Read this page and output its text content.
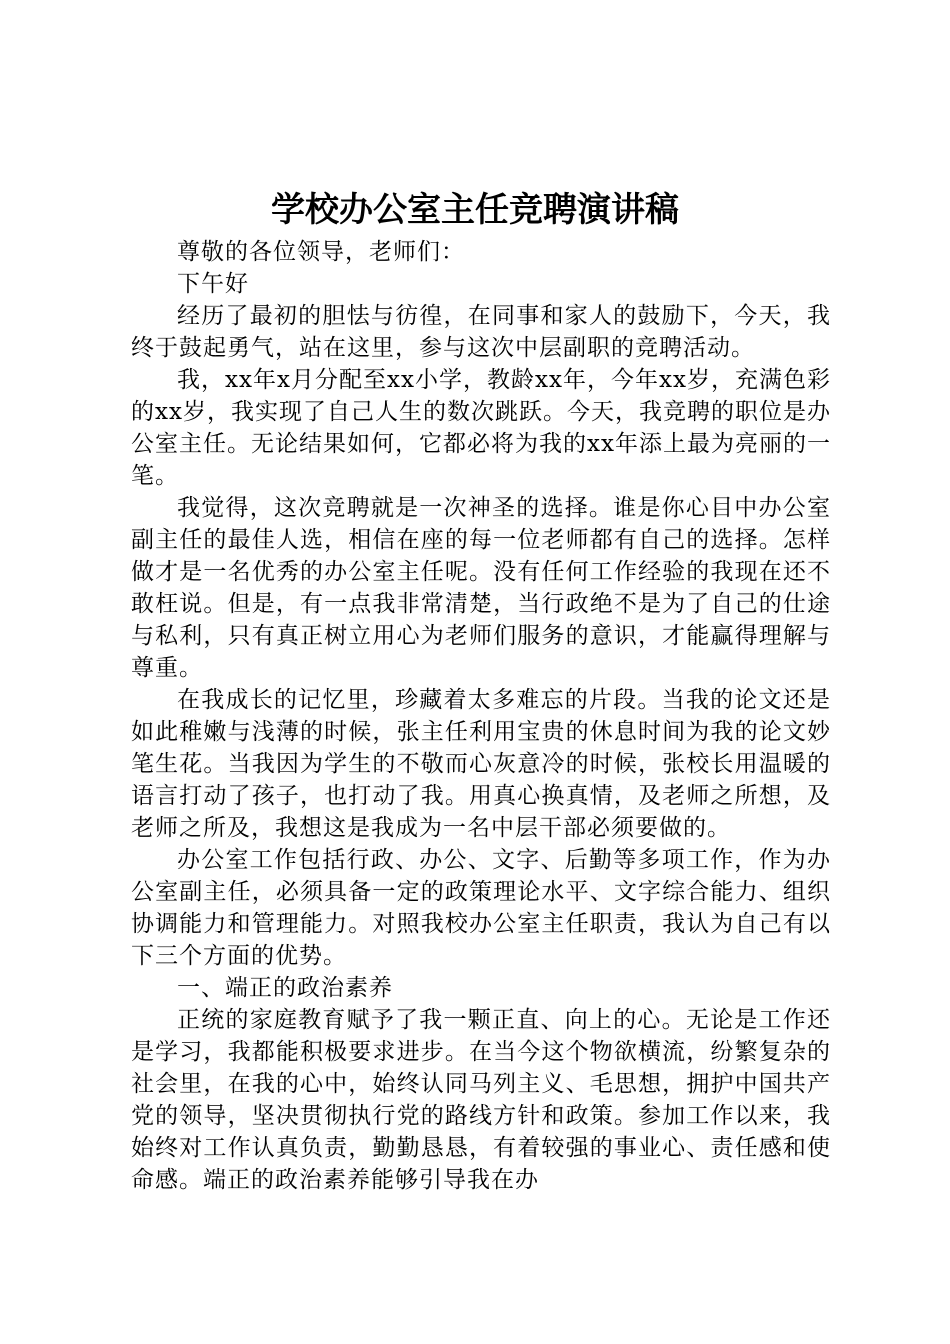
学校办公室主任竞聘演讲稿

尊敬的各位领导，老师们：

下午好

经历了最初的胆怯与彷徨，在同事和家人的鼓励下，今天，我终于鼓起勇气，站在这里，参与这次中层副职的竞聘活动。

我，xx年x月分配至xx小学，教龄xx年，今年xx岁，充满色彩的xx岁，我实现了自己人生的数次跳跃。今天，我竞聘的职位是办公室主任。无论结果如何，它都必将为我的xx年添上最为亮丽的一笔。

我觉得，这次竞聘就是一次神圣的选择。谁是你心目中办公室副主任的最佳人选，相信在座的每一位老师都有自己的选择。怎样做才是一名优秀的办公室主任呢。没有任何工作经验的我现在还不敢枉说。但是，有一点我非常清楚，当行政绝不是为了自己的仕途与私利，只有真正树立用心为老师们服务的意识，才能赢得理解与尊重。

在我成长的记忆里，珍藏着太多难忘的片段。当我的论文还是如此稚嫩与浅薄的时候，张主任利用宝贵的休息时间为我的论文妙笔生花。当我因为学生的不敬而心灰意冷的时候，张校长用温暖的语言打动了孩子，也打动了我。用真心换真情，及老师之所想，及老师之所及，我想这是我成为一名中层干部必须要做的。

办公室工作包括行政、办公、文字、后勤等多项工作，作为办公室副主任，必须具备一定的政策理论水平、文字综合能力、组织协调能力和管理能力。对照我校办公室主任职责，我认为自己有以下三个方面的优势。

一、端正的政治素养

正统的家庭教育赋予了我一颗正直、向上的心。无论是工作还是学习，我都能积极要求进步。在当今这个物欲横流，纷繁复杂的社会里，在我的心中，始终认同马列主义、毛思想，拥护中国共产党的领导，坚决贯彻执行党的路线方针和政策。参加工作以来，我始终对工作认真负责，勤勤恳恳，有着较强的事业心、责任感和使命感。端正的政治素养能够引导我在办
